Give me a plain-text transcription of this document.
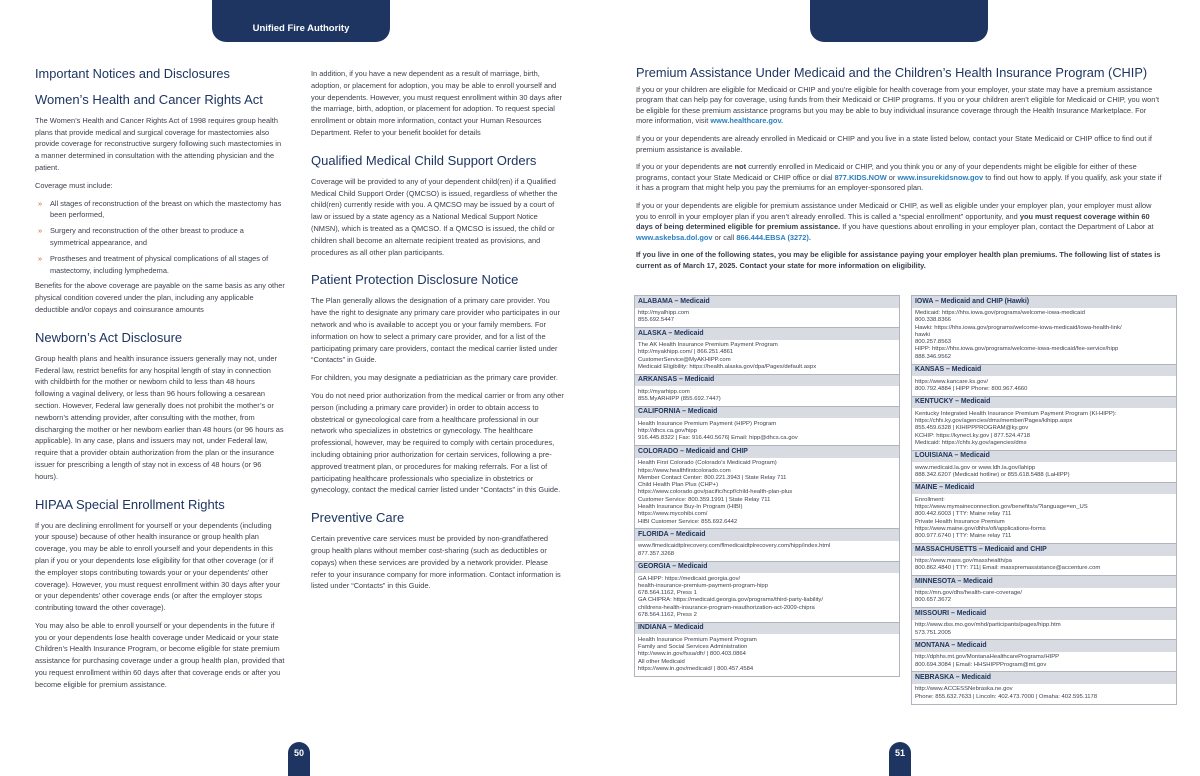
Unified Fire Authority
Important Notices and Disclosures
Women’s Health and Cancer Rights Act

The Women’s Health and Cancer Rights Act of 1998 requires group health plans that provide medical and surgical coverage for mastectomies also provide coverage for reconstructive surgery following such mastectomies in a manner determined in consultation with the attending physician and the patient.

Coverage must include:

» All stages of reconstruction of the breast on which the mastectomy has been performed,
» Surgery and reconstruction of the other breast to produce a symmetrical appearance, and
» Prostheses and treatment of physical complications of all stages of mastectomy, including lymphedema.

Benefits for the above coverage are payable on the same basis as any other physical condition covered under the plan, including any applicable deductible and/or copays and coinsurance amounts

Newborn’s Act Disclosure

Group health plans and health insurance issuers generally may not, under Federal law, restrict benefits for any hospital length of stay in connection with childbirth for the mother or newborn child to less than 48 hours following a vaginal delivery, or less than 96 hours following a cesarean section. However, Federal law generally does not prohibit the mother’s or newborn’s attending provider, after consulting with the mother, from discharging the mother or her newborn earlier than 48 hours (or 96 hours as applicable). In any case, plans and issuers may not, under Federal law, require that a provider obtain authorization from the plan or the insurance issuer for prescribing a length of stay not in excess of 48 hours (or 96 hours).

HIPAA Special Enrollment Rights

If you are declining enrollment for yourself or your dependents (including your spouse) because of other health insurance or group health plan coverage, you may be able to enroll yourself and your dependents in this plan if you or your dependents lose eligibility for that other coverage (or if the employer stops contributing towards your or your dependents’ other coverage). However, you must request enrollment within 30 days after your or your dependents’ other coverage ends (or after the employer stops contributing toward the other coverage).

You may also be able to enroll yourself or your dependents in the future if you or your dependents lose health coverage under Medicaid or your state Children’s Health Insurance Program, or become eligible for state premium assistance for purchasing coverage under a group health plan, provided that you request enrollment within 60 days after that coverage ends or after you become eligible for premium assistance.

In addition, if you have a new dependent as a result of marriage, birth, adoption, or placement for adoption, you may be able to enroll yourself and your dependents. However, you must request enrollment within 30 days after the marriage, birth, adoption, or placement for adoption. To request special enrollment or obtain more information, contact your Human Resources Department. Refer to your benefit booklet for details

Qualified Medical Child Support Orders

Coverage will be provided to any of your dependent child(ren) if a Qualified Medical Child Support Order (QMCSO) is issued, regardless of whether the child(ren) currently reside with you. A QMCSO may be issued by a court of law or issued by a state agency as a National Medical Support Notice (NMSN), which is treated as a QMCSO. If a QMCSO is issued, the child or children shall become an alternate recipient treated as provisions, and procedures as all other plan participants.

Patient Protection Disclosure Notice

The Plan generally allows the designation of a primary care provider. You have the right to designate any primary care provider who participates in our network and who is available to accept you or your family members. For information on how to select a primary care provider, and for a list of the participating primary care providers, contact the medical carrier listed under “Contacts” in Guide.

For children, you may designate a pediatrician as the primary care provider.

You do not need prior authorization from the medical carrier or from any other person (including a primary care provider) in order to obtain access to obstetrical or gynecological care from a healthcare professional in our network who specializes in obstetrics or gynecology. The healthcare professional, however, may be required to comply with certain procedures, including obtaining prior authorization for certain services, following a pre-approved treatment plan, or procedures for making referrals. For a list of participating healthcare professionals who specialize in obstetrics or gynecology, contact the medical carrier listed under “Contacts” in this Guide.

Preventive Care

Certain preventive care services must be provided by non-grandfathered group health plans without member cost-sharing (such as deductibles or copays) when these services are provided by a network provider. Please refer to your insurance company for more information. Contact information is listed under “Contacts” in this Guide.

Premium Assistance Under Medicaid and the Children’s Health Insurance Program (CHIP)

If you or your children are eligible for Medicaid or CHIP and you’re eligible for health coverage from your employer, your state may have a premium assistance program that can help pay for coverage, using funds from their Medicaid or CHIP programs. If you or your children aren’t eligible for Medicaid or CHIP, you won’t be eligible for these premium assistance programs but you may be able to buy individual insurance coverage through the Health Insurance Marketplace. For more information, visit www.healthcare.gov.

If you or your dependents are already enrolled in Medicaid or CHIP and you live in a state listed below, contact your State Medicaid or CHIP office to find out if premium assistance is available.

If you or your dependents are not currently enrolled in Medicaid or CHIP, and you think you or any of your dependents might be eligible for either of these programs, contact your State Medicaid or CHIP office or dial 877.KIDS.NOW or www.insurekidsnow.gov to find out how to apply. If you qualify, ask your state if it has a program that might help you pay the premiums for an employer-sponsored plan.

If you or your dependents are eligible for premium assistance under Medicaid or CHIP, as well as eligible under your employer plan, your employer must allow you to enroll in your employer plan if you aren’t already enrolled. This is called a “special enrollment” opportunity, and you must request coverage within 60 days of being determined eligible for premium assistance. If you have questions about enrolling in your employer plan, contact the Department of Labor at www.askebsa.dol.gov or call 866.444.EBSA (3272).

If you live in one of the following states, you may be eligible for assistance paying your employer health plan premiums. The following list of states is current as of March 17, 2025. Contact your state for more information on eligibility.

ALABAMA – Medicaid
http://myalhipp.com
855.692.5447
ALASKA – Medicaid
The AK Health Insurance Premium Payment Program
http://myakhipp.com/ | 866.251.4861
CustomerService@MyAKHIPP.com
Medicaid Eligibility: https://health.alaska.gov/dpa/Pages/default.aspx
ARKANSAS – Medicaid
http://myarhipp.com
855.MyARHIPP (855.692.7447)
CALIFORNIA – Medicaid
Health Insurance Premium Payment (HIPP) Program
http://dhcs.ca.gov/hipp
916.445.8322 | Fax: 916.440.5676| Email: hipp@dhcs.ca.gov
COLORADO – Medicaid and CHIP
Health First Colorado (Colorado’s Medicaid Program)
https://www.healthfirstcolorado.com
Member Contact Center: 800.221.3943 | State Relay 711
Child Health Plan Plus (CHP+)
https://www.colorado.gov/pacific/hcpf/child-health-plan-plus
Customer Service: 800.359.1991 | State Relay 711
Health Insurance Buy-In Program (HIBI)
https://www.mycohibi.com/
HIBI Customer Service: 855.692.6442
FLORIDA – Medicaid
www.flmedicaidtplrecovery.com/flmedicaidtplrecovery.com/hipp/index.html
877.357.3268
GEORGIA – Medicaid
GA HIPP: https://medicaid.georgia.gov/
health-insurance-premium-payment-program-hipp
678.564.1162, Press 1
GA CHIPRA: https://medicaid.georgia.gov/programs/third-party-liability/
childrens-health-insurance-program-reauthorization-act-2009-chipra
678.564.1162, Press 2
INDIANA – Medicaid
Health Insurance Premium Payment Program
Family and Social Services Administration
http://www.in.gov/fssa/dfr/ | 800.403.0864
All other Medicaid
https://www.in.gov/medicaid/ | 800.457.4584
IOWA – Medicaid and CHIP (Hawki)
Medicaid: https://hhs.iowa.gov/programs/welcome-iowa-medicaid
800.338.8366
Hawki: https://hhs.iowa.gov/programs/welcome-iowa-medicaid/iowa-health-link/
hawki
800.257.8563
HIPP: https://hhs.iowa.gov/programs/welcome-iowa-medicaid/fee-service/hipp
888.346.9562
KANSAS – Medicaid
https://www.kancare.ks.gov/
800.792.4884 | HIPP Phone: 800.967.4660
KENTUCKY – Medicaid
Kentucky Integrated Health Insurance Premium Payment Program (KI-HIPP):
https://chfs.ky.gov/agencies/dms/member/Pages/kihipp.aspx
855.459.6328 | KIHIPPPROGRAM@ky.gov
KCHIP: https://kynect.ky.gov | 877.524.4718
Medicaid: https://chfs.ky.gov/agencies/dms
LOUISIANA – Medicaid
www.medicaid.la.gov or www.ldh.la.gov/lahipp
888.342.6207 (Medicaid hotline) or 855.618.5488 (LaHIPP)
MAINE – Medicaid
Enrollment:
https://www.mymaineconnection.gov/benefits/s/?language=en_US
800.442.6003 | TTY: Maine relay 711
Private Health Insurance Premium
https://www.maine.gov/dhhs/ofi/applications-forms
800.977.6740 | TTY: Maine relay 711
MASSACHUSETTS – Medicaid and CHIP
https://www.mass.gov/masshealth/pa
800.862.4840 | TTY: 711| Email: masspremassistance@accenture.com
MINNESOTA – Medicaid
https://mn.gov/dhs/health-care-coverage/
800.657.3672
MISSOURI – Medicaid
http://www.dss.mo.gov/mhd/participants/pages/hipp.htm
573.751.2005
MONTANA – Medicaid
http://dphhs.mt.gov/MontanaHealthcarePrograms/HIPP
800.694.3084 | Email: HHSHIPPProgram@mt.gov
NEBRASKA – Medicaid
http://www.ACCESSNebraska.ne.gov
Phone: 855.632.7633 | Lincoln: 402.473.7000 | Omaha: 402.595.1178
50	51
